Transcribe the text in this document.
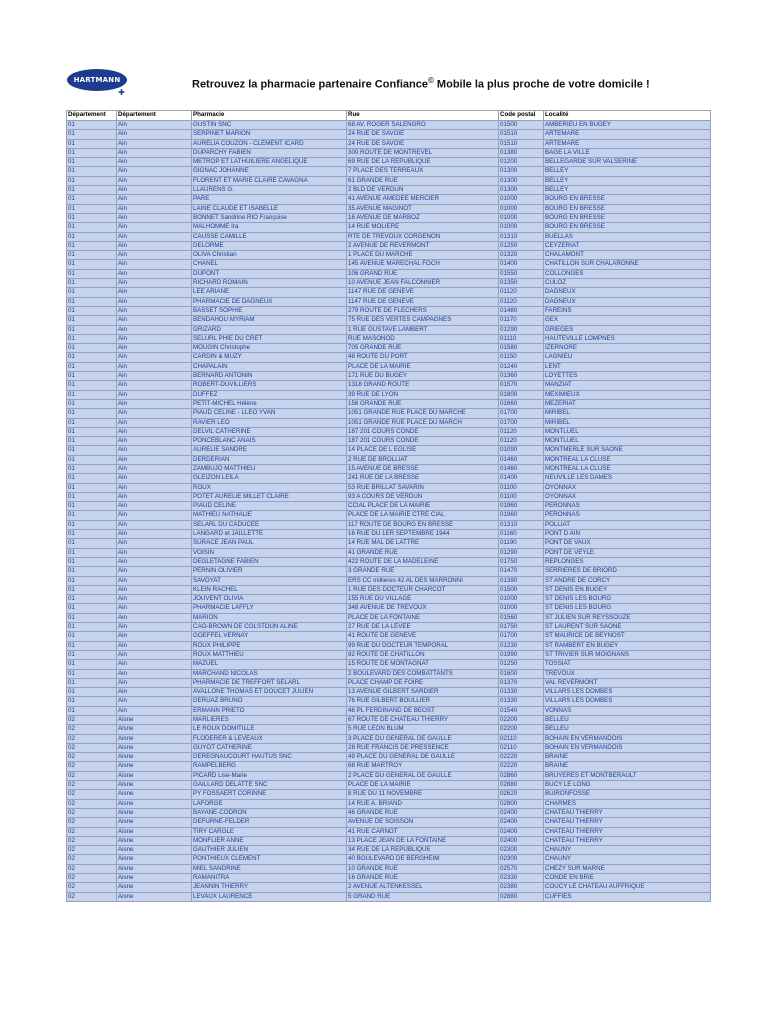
HARTMANN
✚
Retrouvez la pharmacie partenaire Confiance© Mobile la plus proche de votre domicile !
Département	Département	Pharmacie	Rue	Code postal	Localité
01	Ain	GUSTIN SNC	68 AV. ROGER SALENGRO	01500	AMBERIEU EN BUGEY
01	Ain	SERPINET MARION	24 RUE DE SAVOIE	01510	ARTEMARE
01	Ain	AURÉLIA COUZON - CLÉMENT ICARD	24 RUE DE SAVOIE	01510	ARTEMARE
01	Ain	DUPARCHY FABIEN	300 ROUTE DE MONTREVEL	01380	BAGE LA VILLE
01	Ain	METROP ET LATHUILIERE ANGÉLIQUE	69 RUE DE LA REPUBLIQUE	01200	BELLEGARDE SUR VALSERINE
01	Ain	GIGNAC JOHANNE	7 PLACE DES TERREAUX	01300	BELLEY
01	Ain	FLORENT ET MARIE CLAIRE CAVAGNA	61 GRANDE RUE	01300	BELLEY
01	Ain	LLAURENS G.	2 BLD DE VERDUN	01300	BELLEY
01	Ain	PARE	41 AVENUE AMEDEE MERCIER	01000	BOURG EN BRESSE
01	Ain	LAINE CLAUDE ET ISABELLE	35 AVENUE MAGINOT	01000	BOURG EN BRESSE
01	Ain	BONNET Sandrine RIO Françoise	16 AVENUE DE MARBOZ	01000	BOURG EN BRESSE
01	Ain	MALHOMME Ira	14 RUE MOLIERE	01000	BOURG EN BRESSE
01	Ain	CAUSSE CAMILLE	RTE DE TREVOUX CORGENON	01310	BUELLAS
01	Ain	DELORME	2 AVENUE DE REVERMONT	01250	CEYZERIAT
01	Ain	OLIVA Christian	1 PLACE DU MARCHE	01320	CHALAMONT
01	Ain	CHANEL	145 AVENUE MARECHAL FOCH	01400	CHATILLON SUR CHALARONNE
01	Ain	DUPONT	106 GRAND RUE	01550	COLLONGES
01	Ain	RICHARD ROMAIN	10 AVENUE JEAN FALCONNIER	01350	CULOZ
01	Ain	LEE ARIANE	1147 RUE DE GENEVE	01120	DAGNEUX
01	Ain	PHARMACIE DE DAGNEUX	1147 RUE DE GENEVE	01120	DAGNEUX
01	Ain	BASSET SOPHIE	279 ROUTE DE FLECHERS	01480	FAREINS
01	Ain	BENDAHOU MYRIAM	75 RUE DES VERTES CAMPAGNES	01170	GEX
01	Ain	GRIZARD	1 RUE GUSTAVE LAMBERT	01290	GRIEGES
01	Ain	SELURL PHIE DU CRET	RUE MASONOD	01110	HAUTEVILLE LOMPNES
01	Ain	MOUGIN Christophe	705 GRANDE RUE	01580	IZERNORE
01	Ain	CARDIN & MUZY	48 ROUTE DU PORT	01150	LAGNIEU
01	Ain	CHAPALAIN	PLACE DE LA MAIRIE	01240	LENT
01	Ain	BERNARD ANTONIN	171 RUE DU BUGEY	01360	LOYETTES
01	Ain	ROBERT-DUVILLIERS	1318 GRAND ROUTE	01570	MANZIAT
01	Ain	DUFFEZ	39 RUE DE LYON	01800	MEXIMIEUX
01	Ain	PETIT-MICHEL Hélène	156 GRANDE RUE	01660	MEZERIAT
01	Ain	PIAUD CÉLINE - LLEO YVAN	1051 GRANDE RUE PLACE DU MARCHE	01700	MIRIBEL
01	Ain	RAVIER LEO	1051 GRANDE RUE PLACE DU MARCH	01700	MIRIBEL
01	Ain	DELVIL CATHERINE	187 201 COURS CONDE	01120	MONTLUEL
01	Ain	PONCEBLANC ANAIS	187 201 COURS CONDE	01120	MONTLUEL
01	Ain	AURELIE SANDRE	14 PLACE DE L EGLISE	01090	MONTMERLE SUR SAONE
01	Ain	DERDERIAN	2 RUE DE BROLLIAT	01460	MONTREAL LA CLUSE
01	Ain	ZAMBUJO MATTHIEU	15 AVENUE DE BRESSE	01460	MONTREAL LA CLUSE
01	Ain	GLEIZON LEILA	241 RUE DE LA BRESSE	01400	NEUVILLE LES DAMES
01	Ain	ROUX	53 RUE BRILLAT SAVARIN	01100	OYONNAX
01	Ain	POTET AURELIE MILLET CLAIRE	93 A COURS DE VERDUN	01100	OYONNAX
01	Ain	PIAUD CELINE	CCIAL PLACE DE LA MAIRIE	01960	PERONNAS
01	Ain	MATHIEU NATHALIE	PLACE DE LA MAIRIE CTRE CIAL	01960	PERONNAS
01	Ain	SELARL DU CADUCEE	117 ROUTE DE BOURG EN BRESSE	01310	POLLIAT
01	Ain	LANGARD et JAILLETTE	16 RUE DU 1ER SEPTEMBRE 1944	01160	PONT D AIN
01	Ain	SURACE JEAN PAUL	14 RUE MAL DE LATTRE	01190	PONT DE VAUX
01	Ain	VOISIN	41 GRANDE RUE	01290	PONT DE VEYLE
01	Ain	DEGLETAGNE FABIEN	422 ROUTE DE LA MADELEINE	01750	REPLONGES
01	Ain	PERNIN OLIVIER	3 GRANDE RUE	01470	SERRIERES DE BRIORD
01	Ain	SAVOYAT	ERS CC millieres 42 AL DES MARRONNI	01390	ST ANDRE DE CORCY
01	Ain	KLEIN RACHEL	1 RUE DES DOCTEUR CHARCOT	01500	ST DENIS EN BUGEY
01	Ain	JOUVENT OLIVIA	155 RUE DU VILLAGE	01000	ST DENIS LES BOURG
01	Ain	PHARMACIE LAFFLY	348 AVENUE DE TREVOUX	01000	ST DENIS LES BOURG
01	Ain	MARION	PLACE DE LA FONTAINE	01560	ST JULIEN SUR REYSSOUZE
01	Ain	CAO-BROWN DE COLSTOUN ALINE	27 RUE DE LA LEVEE	01750	ST LAURENT SUR SAONE
01	Ain	GOEFFEL VERNAY	41 ROUTE DE GENEVE	01700	ST MAURICE DE BEYNOST
01	Ain	ROUX PHILIPPE	99 RUE DU DOCTEUR TEMPORAL	01230	ST RAMBERT EN BUGEY
01	Ain	ROUX MATTHIEU	92 ROUTE DE CHATILLON	01990	ST TRIVIER SUR MOIGNANS
01	Ain	MAZUEL	15 ROUTE DE MONTAGNAT	01250	TOSSIAT
01	Ain	MARCHAND NICOLAS	2 BOULEVARD DES COMBATTANTS	01600	TREVOUX
01	Ain	PHARMACIE DE TREFFORT SELARL	PLACE CHAMP DE FOIRE	01370	VAL REVERMONT
01	Ain	AVALLONE THOMAS ET DOUCET JULIEN	13 AVENUE GILBERT SARDIER	01330	VILLARS LES DOMBES
01	Ain	DERUAZ BRUNO	76 RUE GILBERT BOULLIER	01330	VILLARS LES DOMBES
01	Ain	ERMANN PRIETO	48 PL FERDINAND DE BEOST	01540	VONNAS
02	Aisne	MARLIERES	67 ROUTE DE CHATEAU THIERRY	02200	BELLEU
02	Aisne	LE ROUX DOMITILLE	5 RUE LEON BLUM	02200	BELLEU
02	Aisne	FLODERER & LEVEAUX	3 PLACE DU GENERAL DE GAULLE	02110	BOHAIN EN VERMANDOIS
02	Aisne	GUYOT CATHERINE	28 RUE FRANCIS DE PRESSENCE	02110	BOHAIN EN VERMANDOIS
02	Aisne	DEREGNAUCOURT HAUTUS SNC	49 PLACE DU GENERAL DE GAULLE	02220	BRAINE
02	Aisne	RAMPELBERG	68 RUE MARTROY	02220	BRAINE
02	Aisne	PICARD Lise-Marie	2 PLACE DU GENERAL DE GAULLE	02860	BRUYERES ET MONTBERAULT
02	Aisne	GAILLARD DELATTE SNC	PLACE DE LA MAIRIE	02880	BUCY LE LONG
02	Aisne	PY FOSSAERT CORINNE	8 RUE DU 11 NOVEMBRE	02620	BUIRONFOSSE
02	Aisne	LAFORGE	14 RUE A. BRIAND	02800	CHARMES
02	Aisne	BAYANE-CODRON	46 GRANDE RUE	02400	CHATEAU THIERRY
02	Aisne	DEFURNE-FELDER	AVENUE DE SOISSON	02400	CHATEAU THIERRY
02	Aisne	TIRY CAROLE	41 RUE CARNOT	02400	CHATEAU THIERRY
02	Aisne	MONFLIER ANNE	13 PLACE JEAN DE LA FONTAINE	02400	CHATEAU THIERRY
02	Aisne	GAUTHIER JULIEN	34 RUE DE LA REPUBLIQUE	02300	CHAUNY
02	Aisne	PONTHIEUX CLÉMENT	40 BOULEVARD DE BERGHEIM	02300	CHAUNY
02	Aisne	MIEL SANDRINE	10 GRANDE RUE	02570	CHEZY SUR MARNE
02	Aisne	RAMANITRA	16 GRANDE RUE	02330	CONDE EN BRIE
02	Aisne	JEANNIN THIERRY	2 AVENUE ALTENKESSEL	02380	COUCY LE CHATEAU AUFFRIQUE
02	Aisne	LEVAUX LAURENCE	5 GRAND RUE	02880	CUFFIES
